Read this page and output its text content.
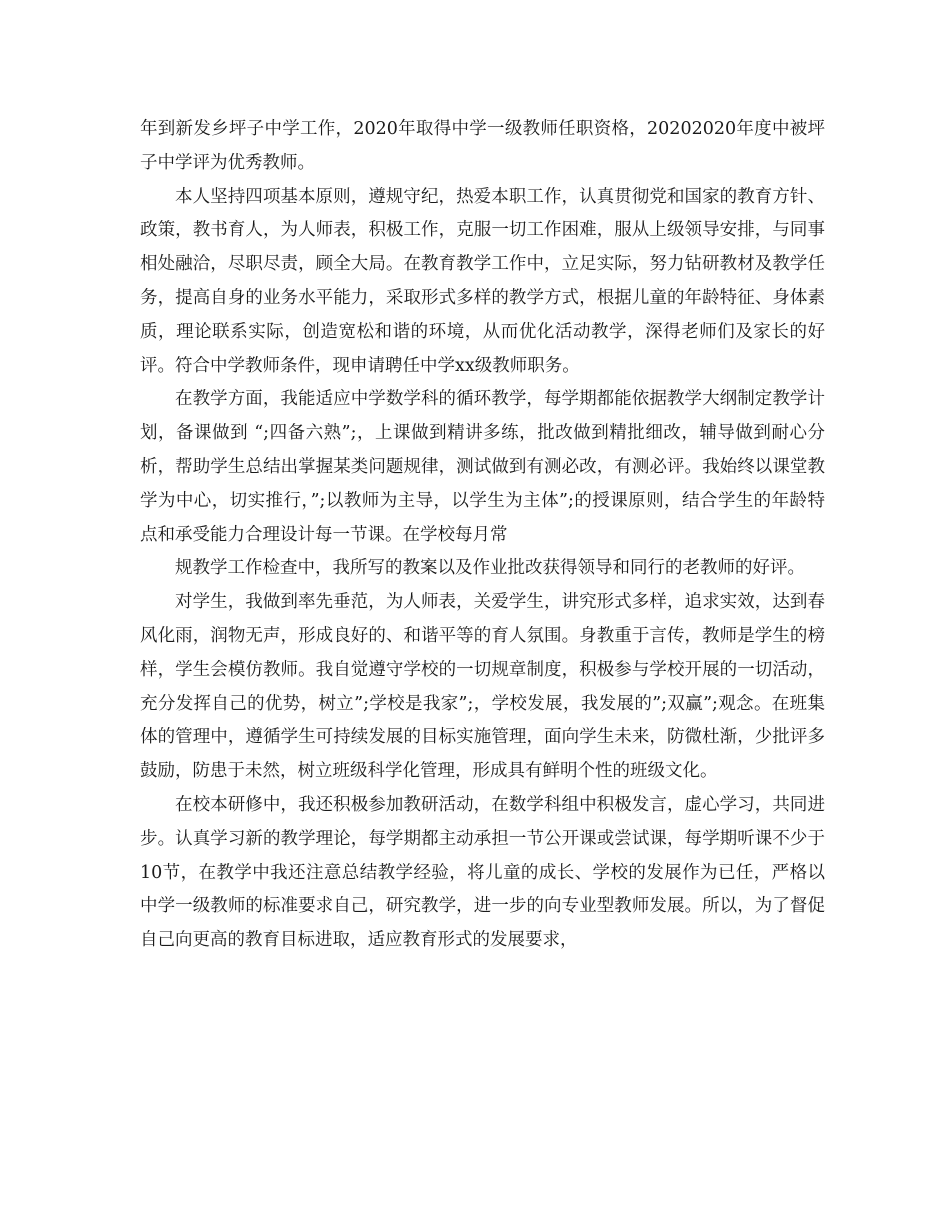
年到新发乡坪子中学工作，2020年取得中学一级教师任职资格，20202020年度中被坪子中学评为优秀教师。

本人坚持四项基本原则，遵规守纪，热爱本职工作，认真贯彻党和国家的教育方针、政策，教书育人，为人师表，积极工作，克服一切工作困难，服从上级领导安排，与同事相处融洽，尽职尽责，顾全大局。在教育教学工作中，立足实际，努力钻研教材及教学任务，提高自身的业务水平能力，采取形式多样的教学方式，根据儿童的年龄特征、身体素质，理论联系实际，创造宽松和谐的环境，从而优化活动教学，深得老师们及家长的好评。符合中学教师条件，现申请聘任中学xx级教师职务。

在教学方面，我能适应中学数学科的循环教学，每学期都能依据教学大纲制定教学计划，备课做到 “;四备六熟”;，上课做到精讲多练，批改做到精批细改，辅导做到耐心分析，帮助学生总结出掌握某类问题规律，测试做到有测必改，有测必评。我始终以课堂教学为中心，切实推行，”;以教师为主导，以学生为主体”;的授课原则，结合学生的年龄特点和承受能力合理设计每一节课。在学校每月常

规教学工作检查中，我所写的教案以及作业批改获得领导和同行的老教师的好评。

对学生，我做到率先垂范，为人师表，关爱学生，讲究形式多样，追求实效，达到春风化雨，润物无声，形成良好的、和谐平等的育人氛围。身教重于言传，教师是学生的榜样，学生会模仿教师。我自觉遵守学校的一切规章制度，积极参与学校开展的一切活动，充分发挥自己的优势，树立”;学校是我家”;，学校发展，我发展的”;双赢”;观念。在班集体的管理中，遵循学生可持续发展的目标实施管理，面向学生未来，防微杜渐，少批评多鼓励，防患于未然，树立班级科学化管理，形成具有鲜明个性的班级文化。

在校本研修中，我还积极参加教研活动，在数学科组中积极发言，虚心学习，共同进步。认真学习新的教学理论，每学期都主动承担一节公开课或尝试课，每学期听课不少于10节，在教学中我还注意总结教学经验，将儿童的成长、学校的发展作为已任，严格以中学一级教师的标准要求自己，研究教学，进一步的向专业型教师发展。所以，为了督促自己向更高的教育目标进取，适应教育形式的发展要求，
